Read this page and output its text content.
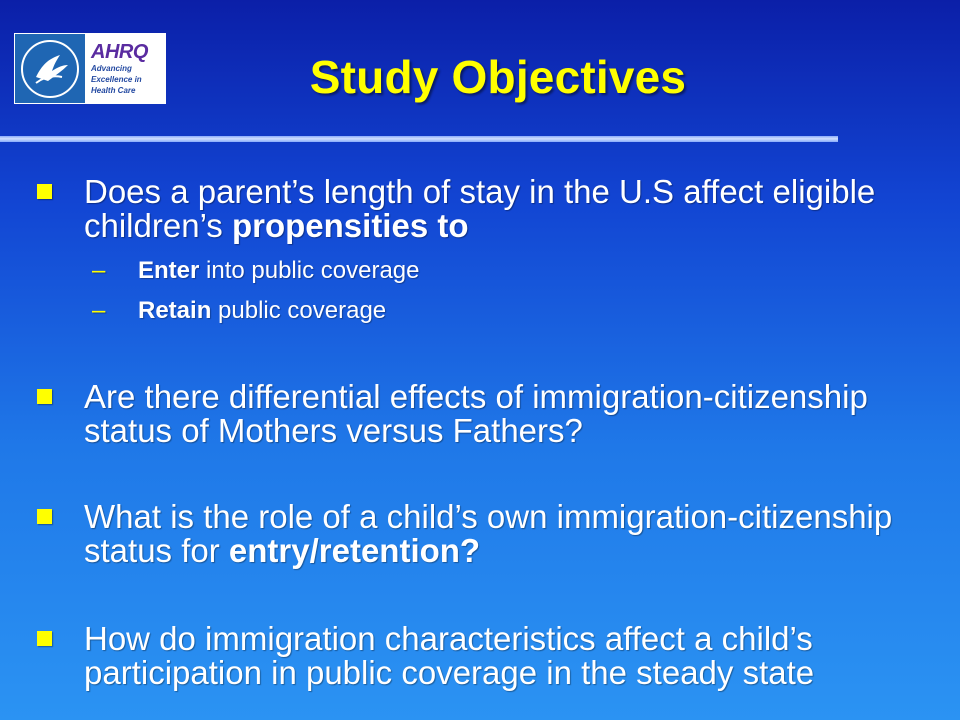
AHRQ
Advancing
Excellence in
Health Care	Study Objectives
Does a parent’s length of stay in the U.S affect eligible children’s propensities to
– Enter into public coverage
– Retain public coverage
Are there differential effects of immigration-citizenship status of Mothers versus Fathers?
What is the role of a child’s own immigration-citizenship status for entry/retention?
How do immigration characteristics affect a child’s participation in public coverage in the steady state
